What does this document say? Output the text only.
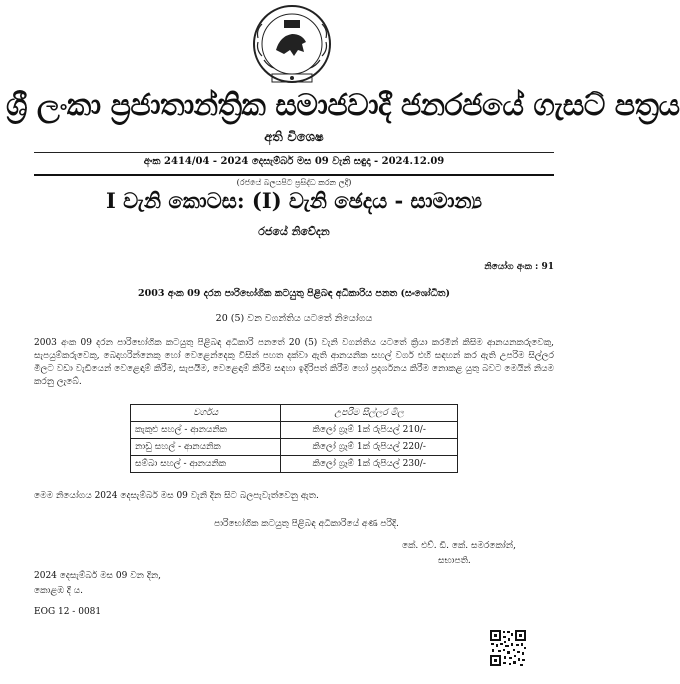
ශ්‍රී ලංකා ප්‍රජාතාන්ත්‍රික සමාජවාදී ජනරජයේ ගැසට් පත්‍රය
අති විශෙෂ
අංක 2414/04 - 2024 දෙසැම්බර් මස 09 වැනි සඳුදා - 2024.12.09
(රජයේ බලයපිට ප්‍රසිද්ධ කරන ලදී)
I වැනි කොටස: (I) වැනි ඡෙදය - සාමාන්‍ය
රජයේ නිවේදන
නියෝග අංක : 91
2003 අංක 09 දරන පාරිභෝගික කටයුතු පිළිබඳ අධිකාරිය පනත (සංශෝධිත)
20 (5) වන වගන්තිය යටතේ නියෝගය
2003 අංක 09 දරන පාරිභෝගික කටයුතු පිළිබඳ අධිකාරි පනතේ 20 (5) වැනි වගන්තිය යටතේ ක්‍රියා කරමින් කිසිම ආනයනකරුවෙකු, සැපයුම්කරුවෙකු, බෙදාහරින්නෙකු හෝ වෙළෙන්දෙකු විසින් පහත දක්වා ඇති ආනයනික සහල් වර්ග එහි සඳහන් කර ඇති උපරිම සිල්ලර මිලට වඩා වැඩියෙන් වෙළෙඳාම් කිරීම, සැපයීම, වෙළෙඳාම් කිරීම සඳහා ඉදිරිපත් කිරීම හෝ ප්‍රදර්ශනය කිරීම නොකළ යුතු බවට මෙයින් නියම කරනු ලැබේ.
වර්ගය	උපරිම සිල්ලර මිල
කැකුළු සහල් - ආනයනික	කිලෝ ග්‍රෑම් 1ක් රුපියල් 210/-
නාඩු සහල් - ආනයනික	කිලෝ ග්‍රෑම් 1ක් රුපියල් 220/-
සම්බා සහල් - ආනයනික	කිලෝ ග්‍රෑම් 1ක් රුපියල් 230/-
මෙම නියෝගය 2024 දෙසැම්බර් මස 09 වැනි දින සිට බලපැවැත්වෙනු ඇත.
පාරිභෝගික කටයුතු පිළිබඳ අධිකාරියේ අණ පරිදි.
කේ. එච්. ඩී. කේ. සමරකෝන්,
සභාපති.
2024 දෙසැම්බර් මස 09 වන දින,
කොළඹ දී ය.
EOG 12 - 0081
